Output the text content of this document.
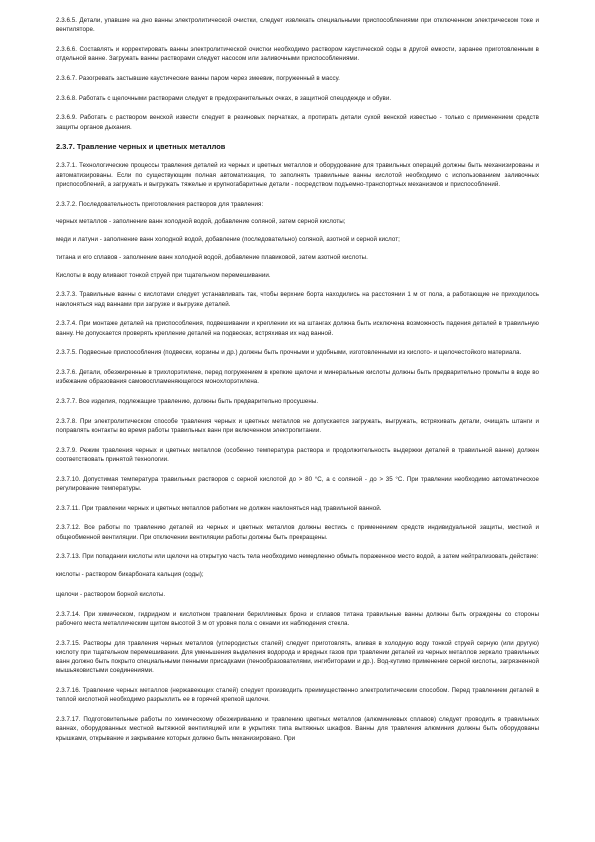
2.3.6.5. Детали, упавшие на дно ванны электролитической очистки, следует извлекать специальными приспособлениями при отключенном электрическом токе и вентиляторе.

2.3.6.6. Составлять и корректировать ванны электролитической очистки необходимо раствором каустической соды в другой емкости, заранее приготовленным в отдельной ванне. Загружать ванны растворами следует насосом или заливочными приспособлениями.

2.3.6.7. Разогревать застывшие каустические ванны паром через змеевик, погруженный в массу.

2.3.6.8. Работать с щелочными растворами следует в предохранительных очках, в защитной спецодежде и обуви.

2.3.6.9. Работать с раствором венской извести следует в резиновых перчатках, а протирать детали сухой венской известью - только с применением средств защиты органов дыхания.

2.3.7. Травление черных и цветных металлов

2.3.7.1. Технологические процессы травления деталей из черных и цветных металлов и оборудование для травильных операций должны быть механизированы и автоматизированы. Если по существующим полная автоматизация, то заполнять травильные ванны кислотой необходимо с использованием заливочных приспособлений, а загружать и выгружать тяжелые и крупногабаритные детали - посредством подъемно-транспортных механизмов и приспособлений.

2.3.7.2. Последовательность приготовления растворов для травления:

черных металлов - заполнение ванн холодной водой, добавление соляной, затем серной кислоты;

меди и латуни - заполнение ванн холодной водой, добавление (последовательно) соляной, азотной и серной кислот;

титана и его сплавов - заполнение ванн холодной водой, добавление плавиковой, затем азотной кислоты.

Кислоты в воду вливают тонкой струей при тщательном перемешивании.

2.3.7.3. Травильные ванны с кислотами следует устанавливать так, чтобы верхние борта находились на расстоянии 1 м от пола, а работающие не приходилось наклоняться над ваннами при загрузке и выгрузке деталей.

2.3.7.4. При монтаже деталей на приспособления, подвешивании и креплении их на штангах должна быть исключена возможность падения деталей в травильную ванну. Не допускается проверять крепление деталей на подвесках, встряхивая их над ванной.

2.3.7.5. Подвесные приспособления (подвески, корзины и др.) должны быть прочными и удобными, изготовленными из кислото- и щелочестойкого материала.

2.3.7.6. Детали, обезжиренные в трихлорэтилене, перед погружением в крепкие щелочи и минеральные кислоты должны быть предварительно промыты в воде во избежание образования самовоспламеняющегося монохлорэтилена.

2.3.7.7. Все изделия, подлежащие травлению, должны быть предварительно просушены.

2.3.7.8. При электролитическом способе травления черных и цветных металлов не допускается загружать, выгружать, встряхивать детали, очищать штанги и поправлять контакты во время работы травильных ванн при включенном электропитании.

2.3.7.9. Режим травления черных и цветных металлов (особенно температура раствора и продолжительность выдержки деталей в травильной ванне) должен соответствовать принятой технологии.

2.3.7.10. Допустимая температура травильных растворов с серной кислотой до > 80 °С, а с соляной - до > 35 °С. При травлении необходимо автоматическое регулирование температуры.

2.3.7.11. При травлении черных и цветных металлов работник не должен наклоняться над травильной ванной.

2.3.7.12. Все работы по травлению деталей из черных и цветных металлов должны вестись с применением средств индивидуальной защиты, местной и общеобменной вентиляции. При отключении вентиляции работы должны быть прекращены.

2.3.7.13. При попадании кислоты или щелочи на открытую часть тела необходимо немедленно обмыть пораженное место водой, а затем нейтрализовать действие:

кислоты - раствором бикарбоната кальция (соды);

щелочи - раствором борной кислоты.

2.3.7.14. При химическом, гидридном и кислотном травлении бериллиевых бронз и сплавов титана травильные ванны должны быть ограждены со стороны рабочего места металлическим щитом высотой 3 м от уровня пола с окнами их наблюдения стекла.

2.3.7.15. Растворы для травления черных металлов (углеродистых сталей) следует приготовлять, вливая в холодную воду тонкой струей серную (или другую) кислоту при тщательном перемешивании. Для уменьшения выделения водорода и вредных газов при травлении деталей из черных металлов зеркало травильных ванн должно быть покрыто специальными пенными присадками (пенообразователями, ингибиторами и др.). Вод-кутимо применение серной кислоты, загрязненной мышьяковистыми соединениями.

2.3.7.16. Травление черных металлов (нержавеющих сталей) следует производить преимущественно электролитическим способом. Перед травлением деталей в теплой кислотной необходимо разрыхлить ее в горячей крепкой щелочи.

2.3.7.17. Подготовительные работы по химическому обезжириванию и травлению цветных металлов (алюминиевых сплавов) следует проводить в травильных ваннах, оборудованных местной вытяжной вентиляцией или в укрытиях типа вытяжных шкафов. Ванны для травления алюминия должны быть оборудованы крышками, открывание и закрывание которых должно быть механизировано. При
